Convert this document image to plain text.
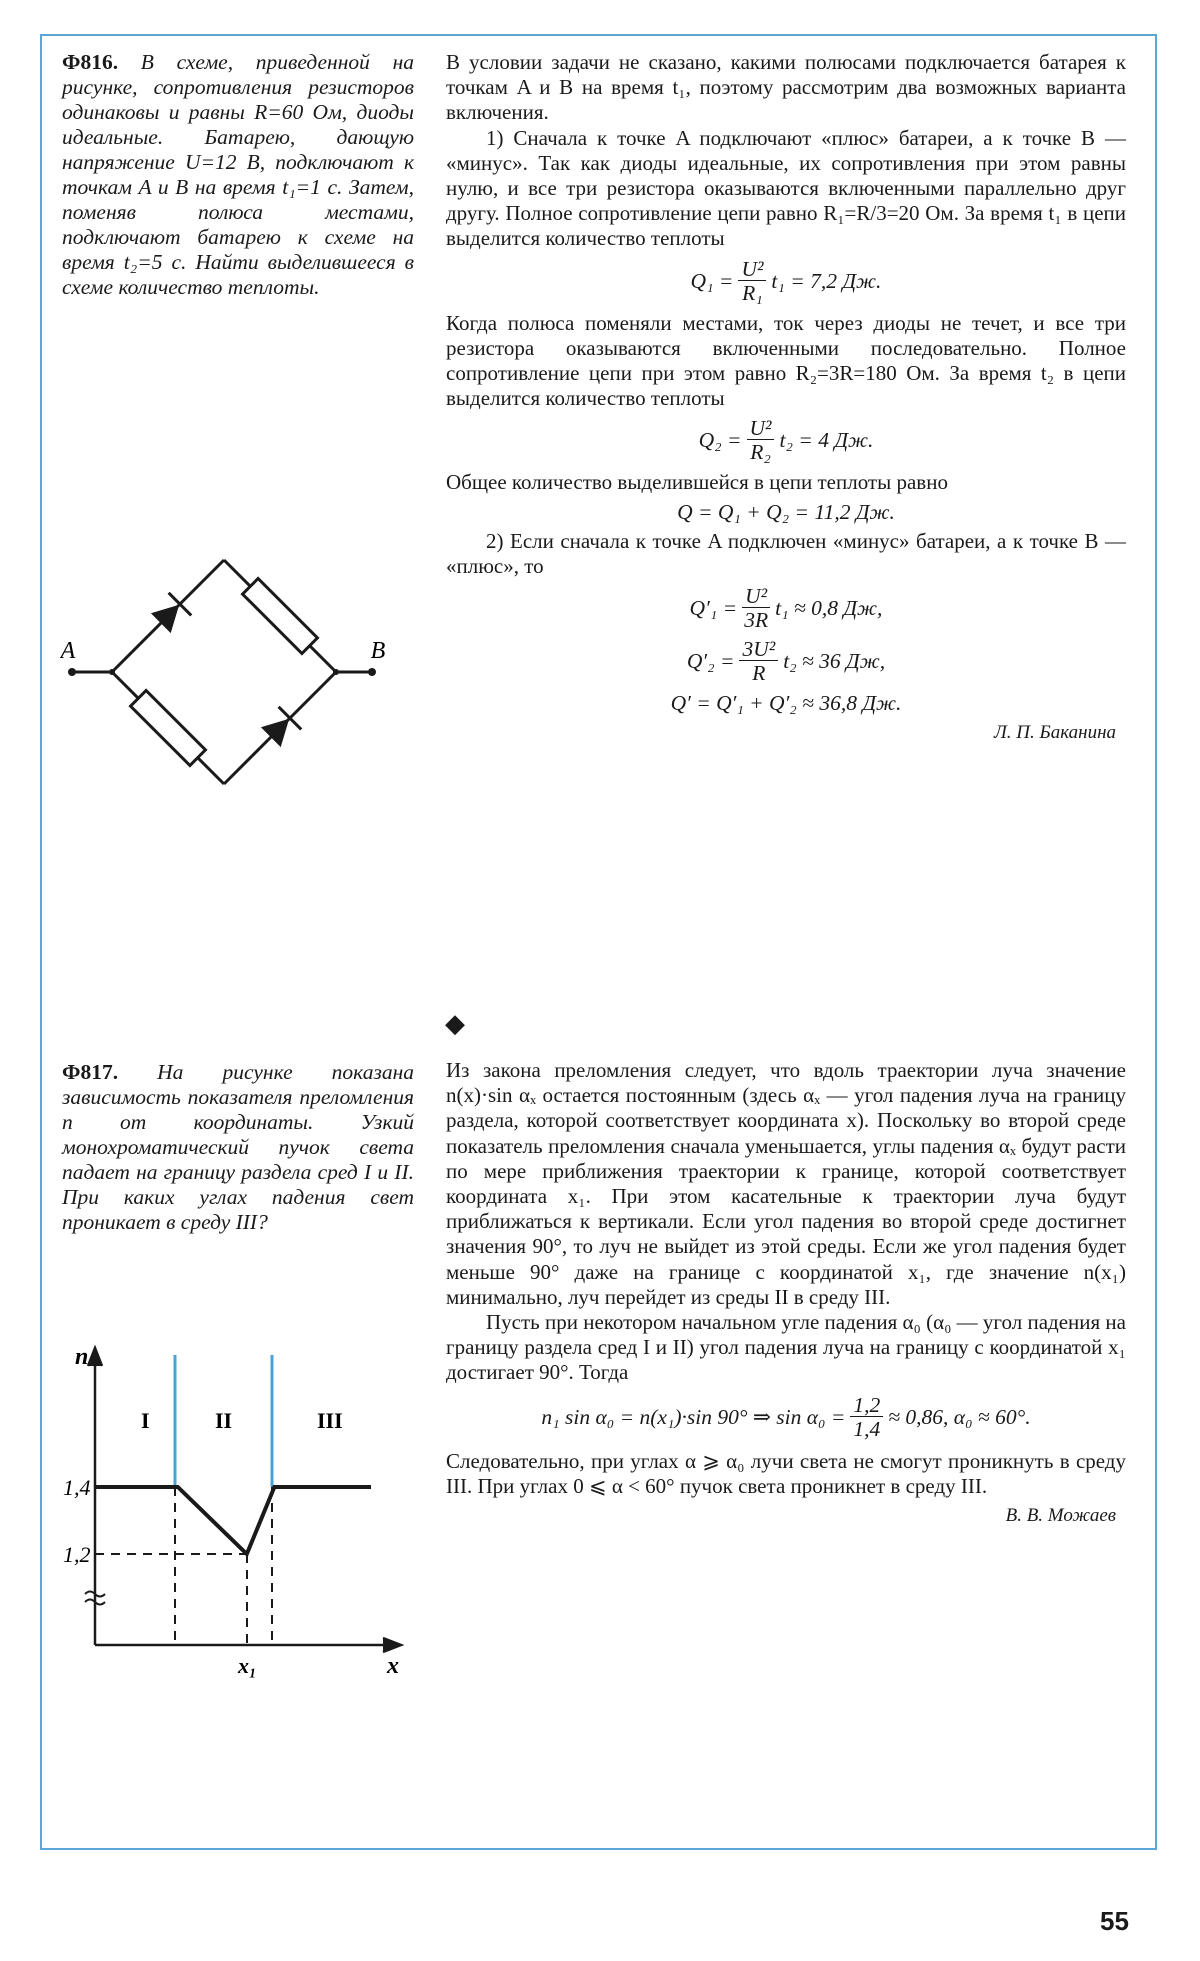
Ф816. В схеме, приведенной на рисунке, сопротивления резисторов одинаковы и равны R=60 Ом, диоды идеальные. Батарею, дающую напряжение U=12 В, подключают к точкам A и B на время t₁=1 с. Затем, поменяв полюса местами, подключают батарею к схеме на время t₂=5 с. Найти выделившееся в схеме количество теплоты.
A	B

В условии задачи не сказано, какими полюсами подключается батарея к точкам A и B на время t₁, поэтому рассмотрим два возможных варианта включения.

1) Сначала к точке A подключают «плюс» батареи, а к точке B — «минус». Так как диоды идеальные, их сопротивления при этом равны нулю, и все три резистора оказываются включенными параллельно друг другу. Полное сопротивление цепи равно R₁=R/3=20 Ом. За время t₁ в цепи выделится количество теплоты

$Q_1 = \frac{\text{U²}}{\text{R₁}} t_1 = 7,2$ Дж.

Когда полюса поменяли местами, ток через диоды не течет, и все три резистора оказываются включенными последовательно. Полное сопротивление цепи при этом равно R₂=3R=180 Ом. За время t₂ в цепи выделится количество теплоты

$Q_2 = \frac{\text{U²}}{\text{R₂}} t_2 = 4$ Дж.

Общее количество выделившейся в цепи теплоты равно

Q = Q₁ + Q₂ = 11,2 Дж.

2) Если сначала к точке A подключен «минус» батареи, а к точке B — «плюс», то

$Q'_1 = \frac{\text{U²}}{3R} t_1 \approx 0,8$ Дж,
$Q'_2 = \frac{\text{3U²}}{R} t_2 \approx 36$ Дж,
Q′ = Q′₁ + Q′₂ ≈ 36,8 Дж.
Л. П. Баканина
◆
Ф817. На рисунке показана зависимость показателя преломления n от координаты. Узкий монохроматический пучок света падает на границу раздела сред I и II. При каких углах падения свет проникает в среду III?
n
x
1,4
1,2
x₁
I	II	III

Из закона преломления следует, что вдоль траектории луча значение n(x)·sin αₓ остается постоянным (здесь αₓ — угол падения луча на границу раздела, которой соответствует координата x). Поскольку во второй среде показатель преломления сначала уменьшается, углы падения αₓ будут расти по мере приближения траектории к границе, которой соответствует координата x₁. При этом касательные к траектории луча будут приближаться к вертикали. Если угол падения во второй среде достигнет значения 90°, то луч не выйдет из этой среды. Если же угол падения будет меньше 90° даже на границе с координатой x₁, где значение n(x₁) минимально, луч перейдет из среды II в среду III.

Пусть при некотором начальном угле падения α₀ (α₀ — угол падения на границу раздела сред I и II) угол падения луча на границу с координатой x₁ достигает 90°. Тогда

n₁ sin α₀ = n(x₁)·sin 90° ⇒ $\sin \alpha_0 = \frac{1,2}{1,4} \approx 0,86$, α₀ ≈ 60°.

Следовательно, при углах α ⩾ α₀ лучи света не смогут проникнуть в среду III. При углах 0 ⩽ α < 60° пучок света проникнет в среду III.

В. В. Можаев
55
